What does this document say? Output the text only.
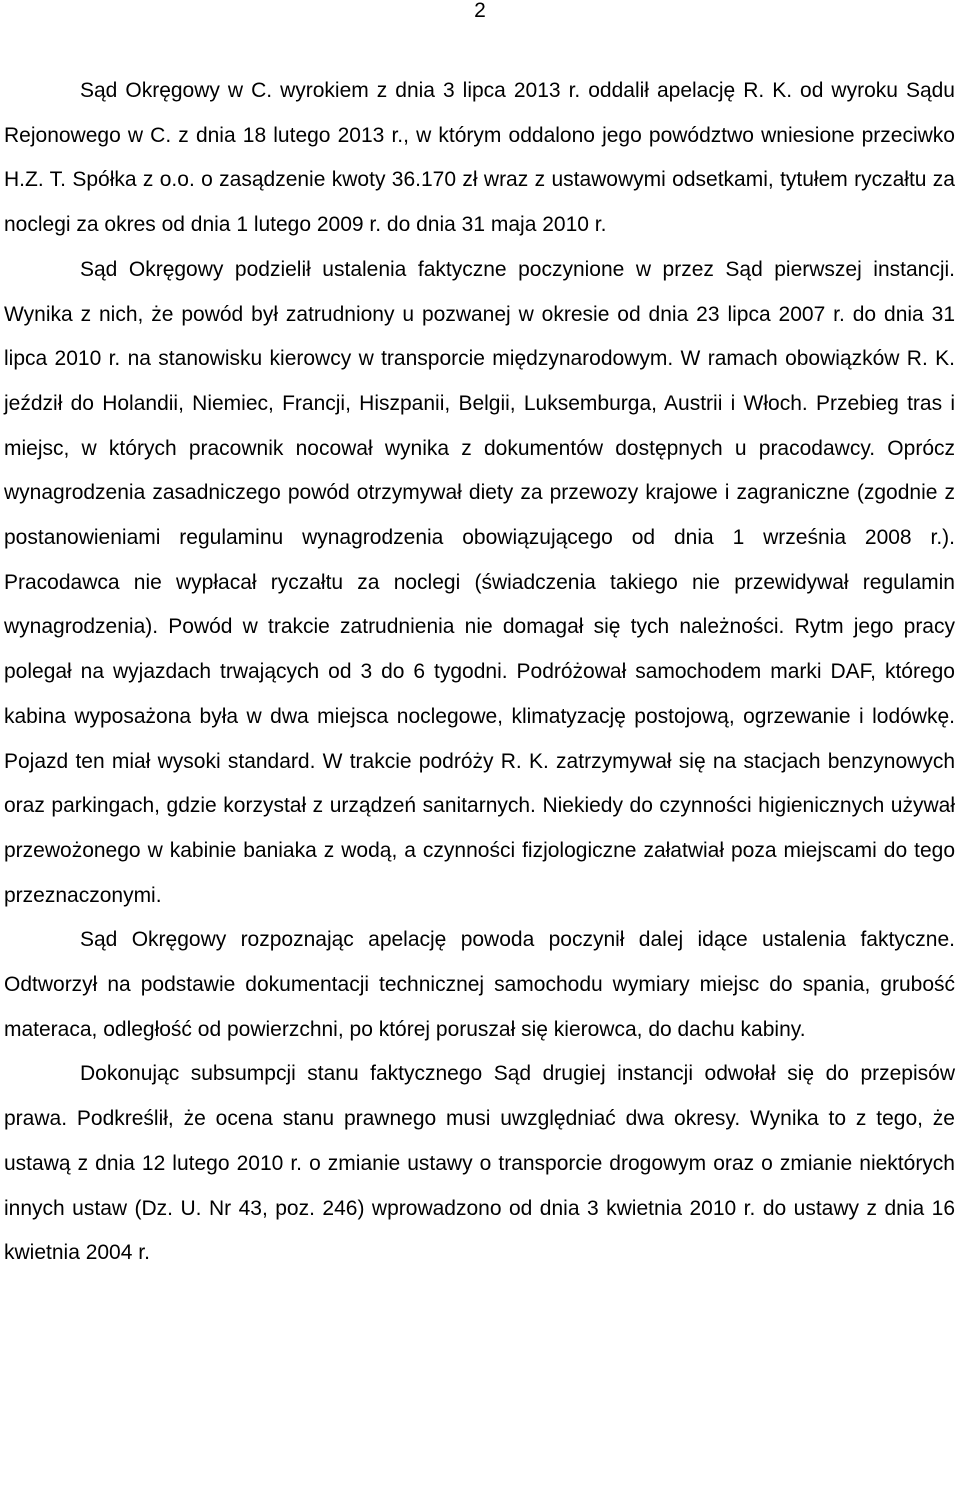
2

Sąd Okręgowy w C. wyrokiem z dnia 3 lipca 2013 r. oddalił apelację R. K. od wyroku Sądu Rejonowego w C. z dnia 18 lutego 2013 r., w którym oddalono jego powództwo wniesione przeciwko H.Z. T. Spółka z o.o. o zasądzenie kwoty 36.170 zł wraz z ustawowymi odsetkami, tytułem ryczałtu za noclegi za okres od dnia 1 lutego 2009 r. do dnia 31 maja 2010 r.

Sąd Okręgowy podzielił ustalenia faktyczne poczynione w przez Sąd pierwszej instancji. Wynika z nich, że powód był zatrudniony u pozwanej w okresie od dnia 23 lipca 2007 r. do dnia 31 lipca 2010 r. na stanowisku kierowcy w transporcie międzynarodowym. W ramach obowiązków R. K. jeździł do Holandii, Niemiec, Francji, Hiszpanii, Belgii, Luksemburga, Austrii i Włoch. Przebieg tras i miejsc, w których pracownik nocował wynika z dokumentów dostępnych u pracodawcy. Oprócz wynagrodzenia zasadniczego powód otrzymywał diety za przewozy krajowe i zagraniczne (zgodnie z postanowieniami regulaminu wynagrodzenia obowiązującego od dnia 1 września 2008 r.). Pracodawca nie wypłacał ryczałtu za noclegi (świadczenia takiego nie przewidywał regulamin wynagrodzenia). Powód w trakcie zatrudnienia nie domagał się tych należności. Rytm jego pracy polegał na wyjazdach trwających od 3 do 6 tygodni. Podróżował samochodem marki DAF, którego kabina wyposażona była w dwa miejsca noclegowe, klimatyzację postojową, ogrzewanie i lodówkę. Pojazd ten miał wysoki standard. W trakcie podróży R. K. zatrzymywał się na stacjach benzynowych oraz parkingach, gdzie korzystał z urządzeń sanitarnych. Niekiedy do czynności higienicznych używał przewożonego w kabinie baniaka z wodą, a czynności fizjologiczne załatwiał poza miejscami do tego przeznaczonymi.

Sąd Okręgowy rozpoznając apelację powoda poczynił dalej idące ustalenia faktyczne. Odtworzył na podstawie dokumentacji technicznej samochodu wymiary miejsc do spania, grubość materaca, odległość od powierzchni, po której poruszał się kierowca, do dachu kabiny.

Dokonując subsumpcji stanu faktycznego Sąd drugiej instancji odwołał się do przepisów prawa. Podkreślił, że ocena stanu prawnego musi uwzględniać dwa okresy. Wynika to z tego, że ustawą z dnia 12 lutego 2010 r. o zmianie ustawy o transporcie drogowym oraz o zmianie niektórych innych ustaw (Dz. U. Nr 43, poz. 246) wprowadzono od dnia 3 kwietnia 2010 r. do ustawy z dnia 16 kwietnia 2004 r.
